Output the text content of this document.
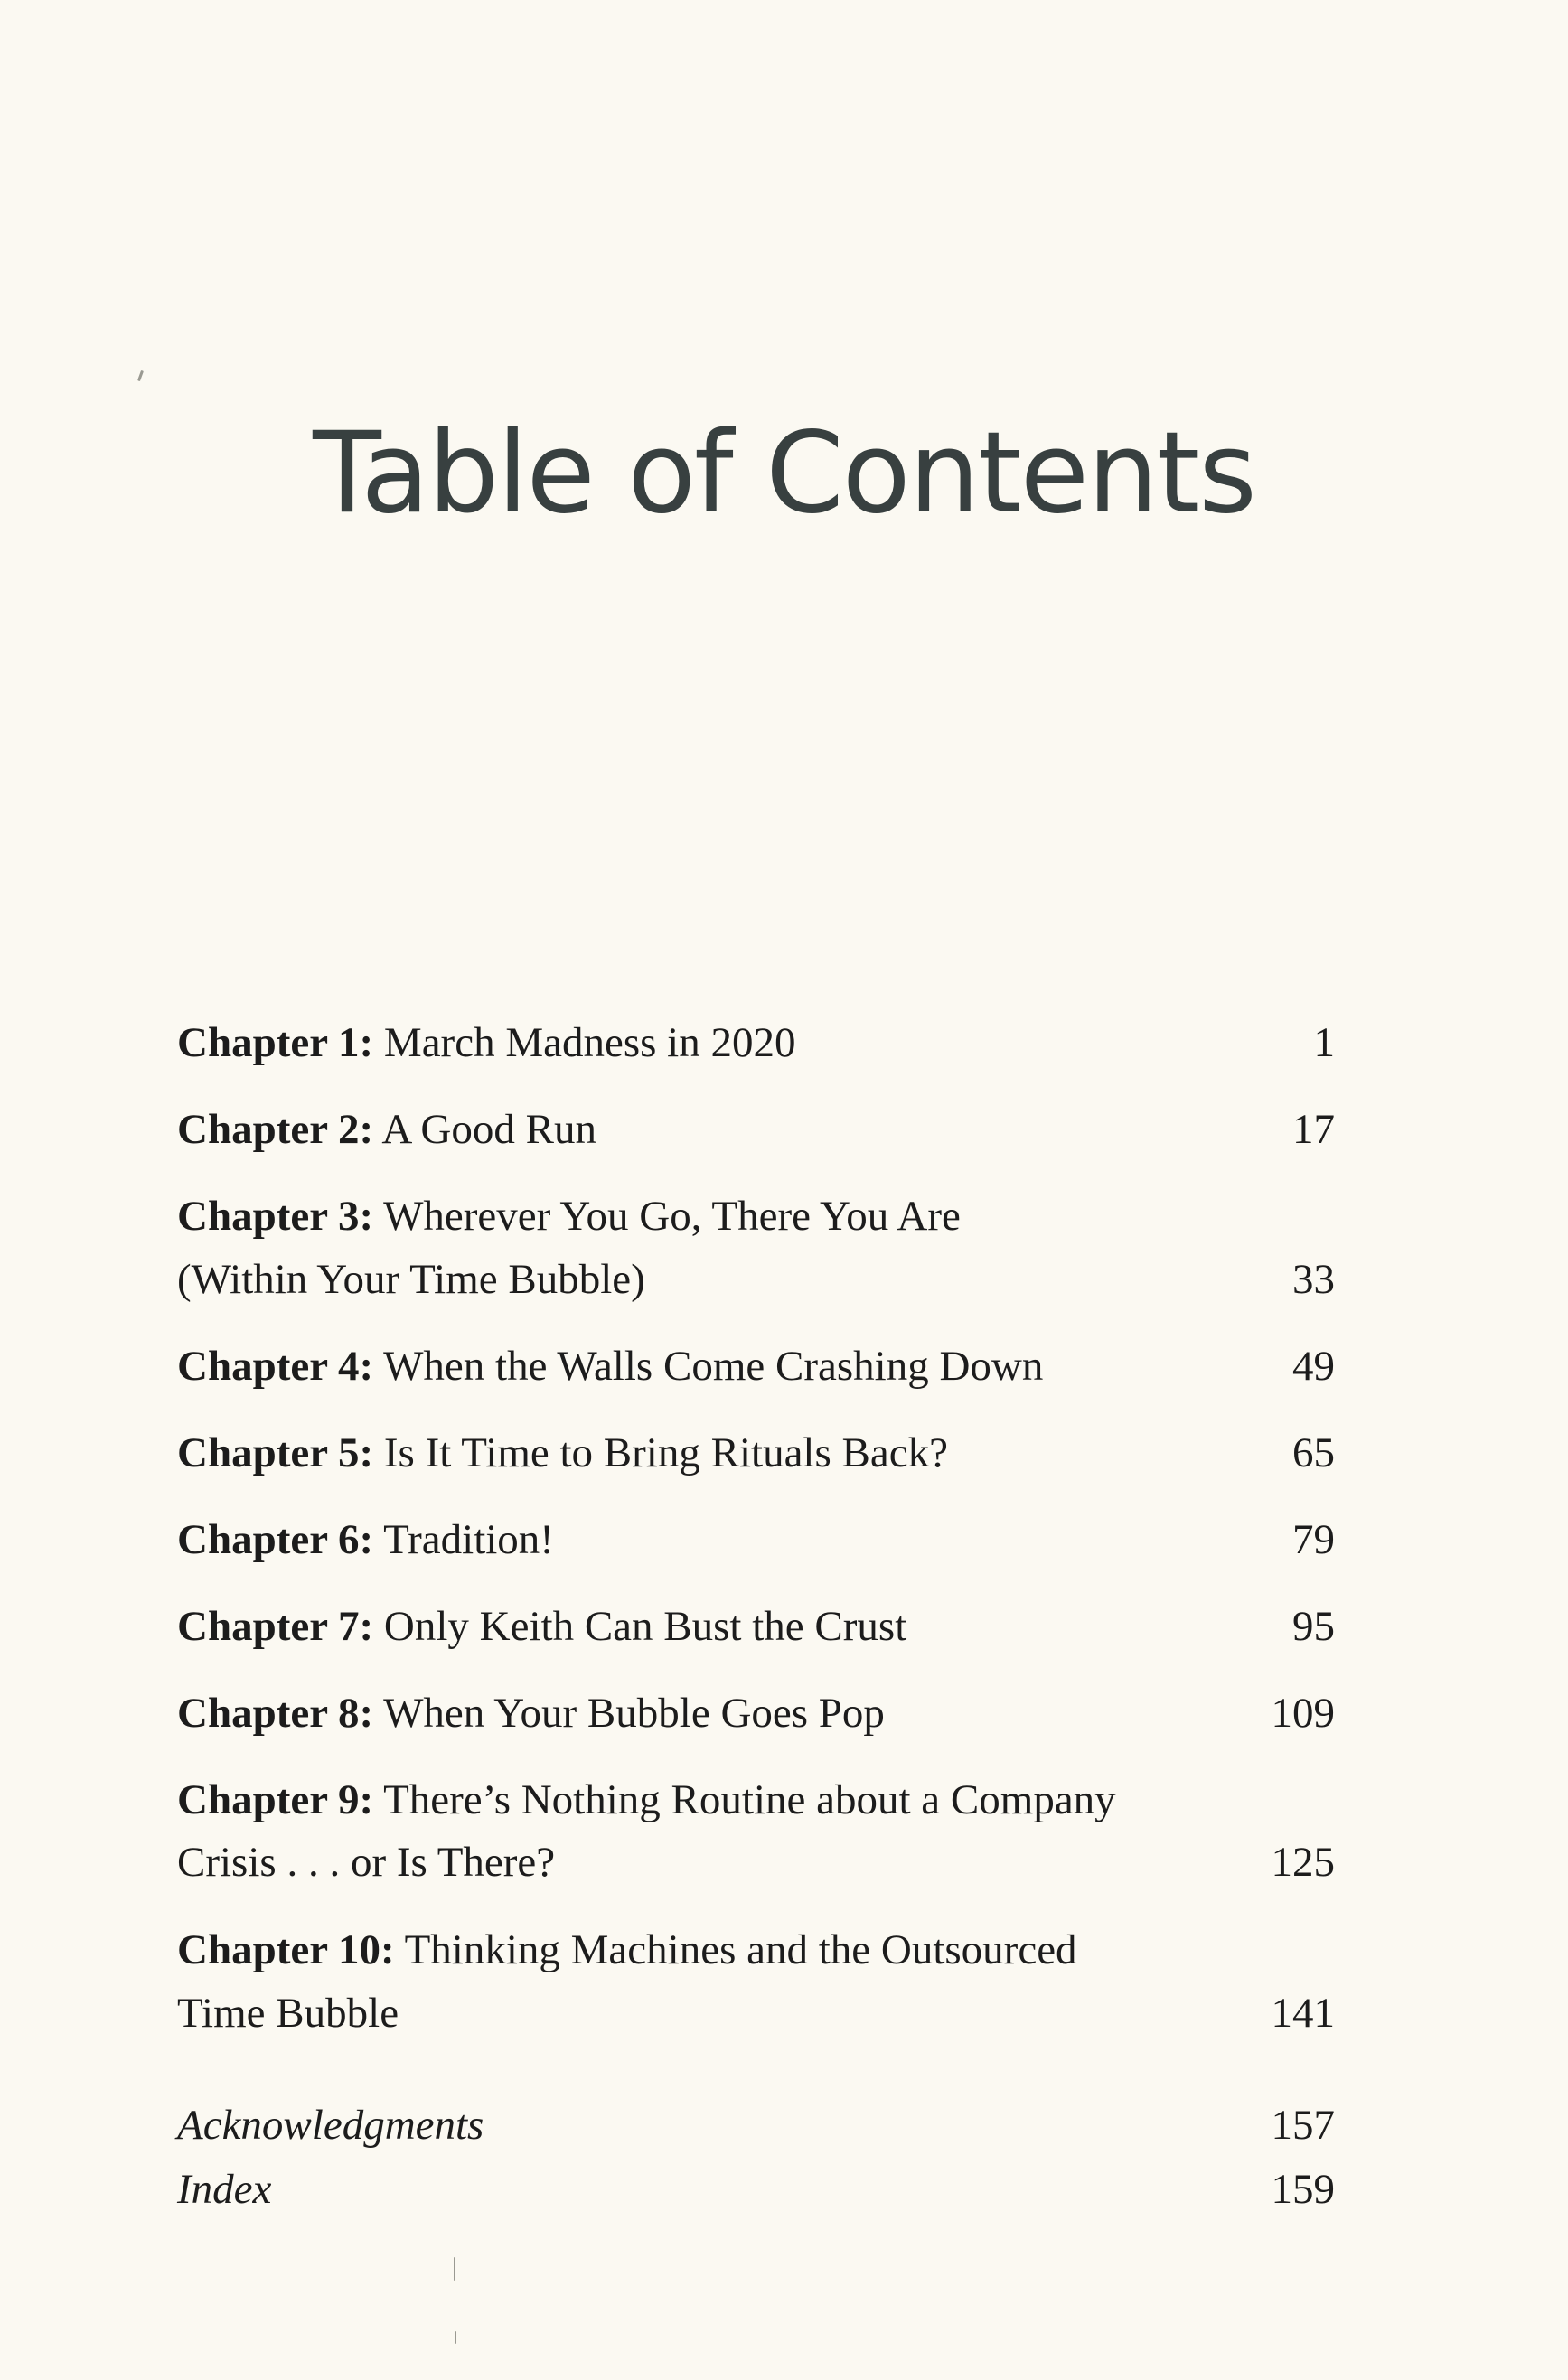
Table of Contents
Chapter 1: March Madness in 2020	1
Chapter 2: A Good Run	17
Chapter 3: Wherever You Go, There You Are
(Within Your Time Bubble)	33
Chapter 4: When the Walls Come Crashing Down	49
Chapter 5: Is It Time to Bring Rituals Back?	65
Chapter 6: Tradition!	79
Chapter 7: Only Keith Can Bust the Crust	95
Chapter 8: When Your Bubble Goes Pop	109
Chapter 9: There’s Nothing Routine about a Company
Crisis . . . or Is There?	125
Chapter 10: Thinking Machines and the Outsourced
Time Bubble	141
Acknowledgments	157
Index	159
